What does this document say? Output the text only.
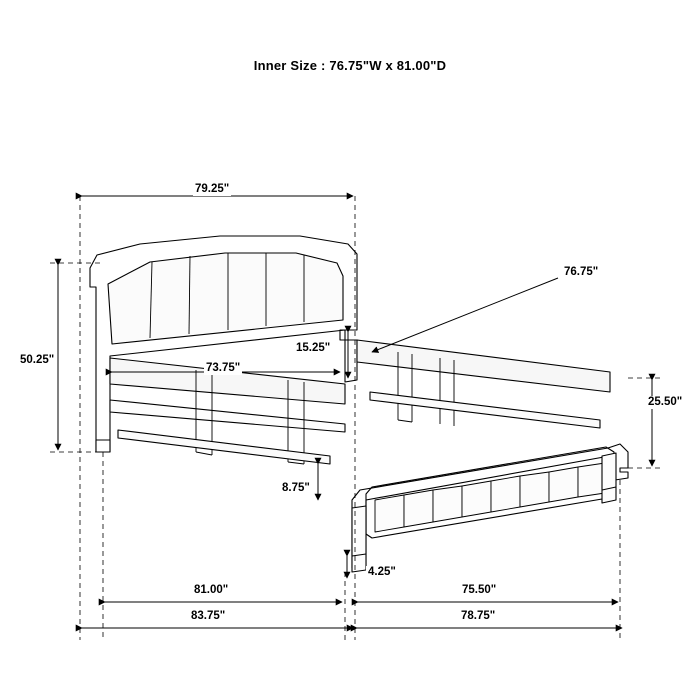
Inner Size : 76.75"W x 81.00"D
79.25"
50.25"
73.75"
15.25"
76.75"
25.50"
8.75"
4.25"
81.00"
83.75"
75.50"
78.75"
